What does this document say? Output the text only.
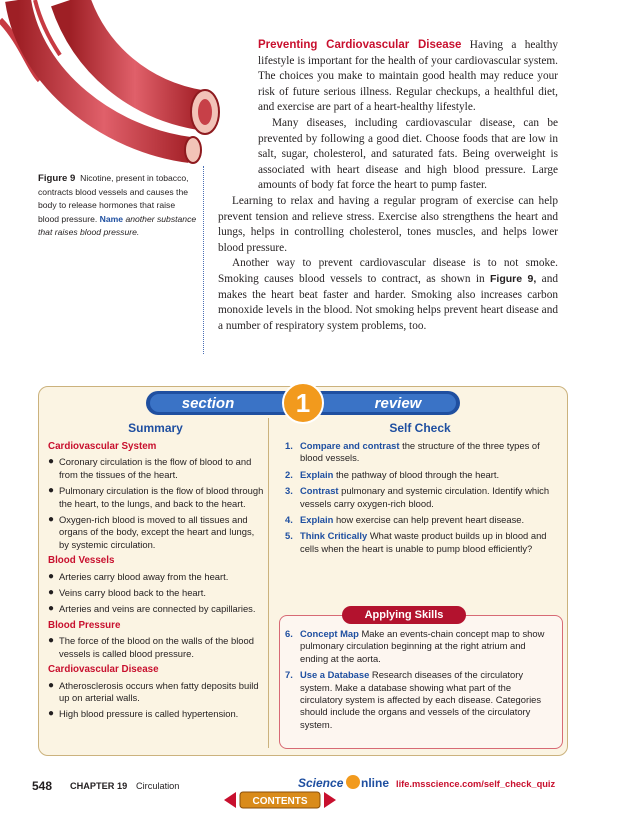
Preventing Cardiovascular Disease Having a healthy lifestyle is important for the health of your cardiovascular system. The choices you make to maintain good health may reduce your risk of future serious illness. Regular checkups, a healthful diet, and exercise are part of a heart-healthy lifestyle.

Many diseases, including cardiovascular disease, can be prevented by following a good diet. Choose foods that are low in salt, sugar, cholesterol, and saturated fats. Being overweight is associated with heart disease and high blood pressure. Large amounts of body fat force the heart to pump faster.

Learning to relax and having a regular program of exercise can help prevent tension and relieve stress. Exercise also strengthens the heart and lungs, helps in controlling cholesterol, tones muscles, and helps lower blood pressure.

Another way to prevent cardiovascular disease is to not smoke. Smoking causes blood vessels to contract, as shown in Figure 9, and makes the heart beat faster and harder. Smoking also increases carbon monoxide levels in the blood. Not smoking helps prevent heart disease and a number of respiratory system problems, too.

Figure 9 Nicotine, present in tobacco, contracts blood vessels and causes the body to release hormones that raise blood pressure. Name another substance that raises blood pressure.
section 1	review
Summary	Self Check
Cardiovascular System
● Coronary circulation is the flow of blood to and from the tissues of the heart.
● Pulmonary circulation is the flow of blood through the heart, to the lungs, and back to the heart.
● Oxygen-rich blood is moved to all tissues and organs of the body, except the heart and lungs, by systemic circulation.
Blood Vessels
● Arteries carry blood away from the heart.
● Veins carry blood back to the heart.
● Arteries and veins are connected by capillaries.
Blood Pressure
● The force of the blood on the walls of the blood vessels is called blood pressure.
Cardiovascular Disease
● Atherosclerosis occurs when fatty deposits build up on arterial walls.
● High blood pressure is called hypertension.
1. Compare and contrast the structure of the three types of blood vessels.
2. Explain the pathway of blood through the heart.
3. Contrast pulmonary and systemic circulation. Identify which vessels carry oxygen-rich blood.
4. Explain how exercise can help prevent heart disease.
5. Think Critically What waste product builds up in blood and cells when the heart is unable to pump blood efficiently?
Applying Skills
6. Concept Map Make an events-chain concept map to show pulmonary circulation beginning at the right atrium and ending at the aorta.
7. Use a Database Research diseases of the circulatory system. Make a database showing what part of the circulatory system is affected by each disease. Categories should include the organs and vessels of the circulatory system.
548 CHAPTER 19 Circulation	Science nline life.msscience.com/self_check_quiz
CONTENTS
